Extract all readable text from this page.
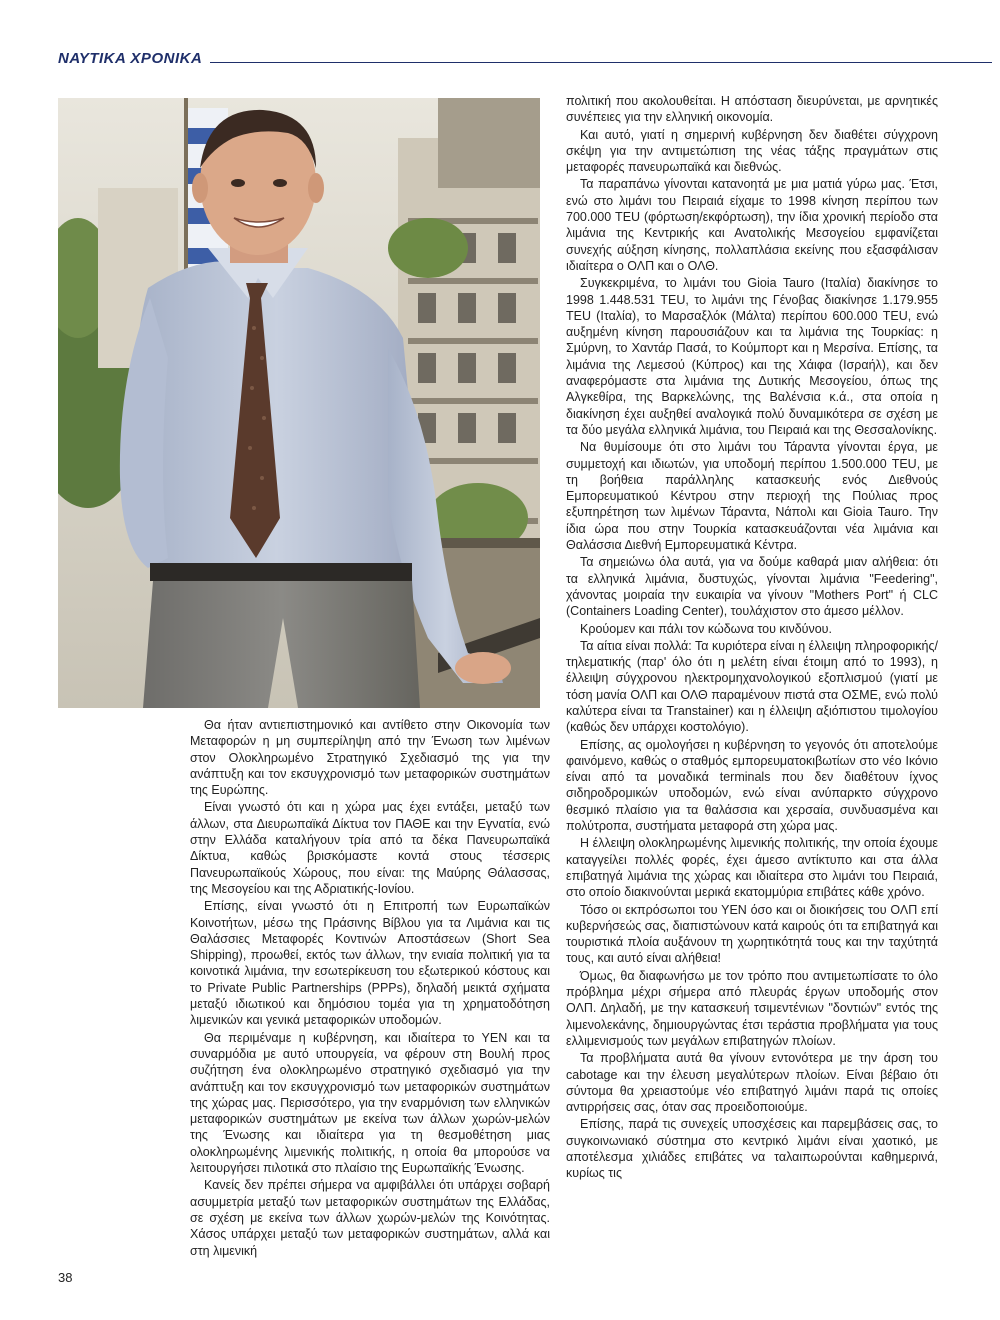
ΝΑΥΤΙΚΑ ΧΡΟΝΙΚΑ

Θα ήταν αντιεπιστημονικό και αντίθετο στην Οικονομία των Μεταφορών η μη συμπερίληψη από την Ένωση των λιμένων στον Ολοκληρωμένο Στρατηγικό Σχεδιασμό της για την ανάπτυξη και τον εκσυγχρονισμό των μεταφορικών συστημάτων της Ευρώπης.

Είναι γνωστό ότι και η χώρα μας έχει εντάξει, μεταξύ των άλλων, στα Διευρωπαϊκά Δίκτυα τον ΠΑΘΕ και την Εγνατία, ενώ στην Ελλάδα καταλήγουν τρία από τα δέκα Πανευρωπαϊκά Δίκτυα, καθώς βρισκόμαστε κοντά στους τέσσερις Πανευρωπαϊκούς Χώρους, που είναι: της Μαύρης Θάλασσας, της Μεσογείου και της Αδριατικής-Ιονίου.

Επίσης, είναι γνωστό ότι η Επιτροπή των Ευρωπαϊκών Κοινοτήτων, μέσω της Πράσινης Βίβλου για τα Λιμάνια και τις Θαλάσσιες Μεταφορές Κοντινών Αποστάσεων (Short Sea Shipping), προωθεί, εκτός των άλλων, την ενιαία πολιτική για τα κοινοτικά λιμάνια, την εσωτερίκευση του εξωτερικού κόστους και το Private Public Partnerships (PPPs), δηλαδή μεικτά σχήματα μεταξύ ιδιωτικού και δημόσιου τομέα για τη χρηματοδότηση λιμενικών και γενικά μεταφορικών υποδομών.

Θα περιμέναμε η κυβέρνηση, και ιδιαίτερα το ΥΕΝ και τα συναρμόδια με αυτό υπουργεία, να φέρουν στη Βουλή προς συζήτηση ένα ολοκληρωμένο στρατηγικό σχεδιασμό για την ανάπτυξη και τον εκσυγχρονισμό των μεταφορικών συστημάτων της χώρας μας. Περισσότερο, για την εναρμόνιση των ελληνικών μεταφορικών συστημάτων με εκείνα των άλλων χωρών-μελών της Ένωσης και ιδιαίτερα για τη θεσμοθέτηση μιας ολοκληρωμένης λιμενικής πολιτικής, η οποία θα μπορούσε να λειτουργήσει πιλοτικά στο πλαίσιο της Ευρωπαϊκής Ένωσης.

Κανείς δεν πρέπει σήμερα να αμφιβάλλει ότι υπάρχει σοβαρή ασυμμετρία μεταξύ των μεταφορικών συστημάτων της Ελλάδας, σε σχέση με εκείνα των άλλων χωρών-μελών της Κοινότητας. Χάσος υπάρχει μεταξύ των μεταφορικών συστημάτων, αλλά και στη λιμενική

πολιτική που ακολουθείται. Η απόσταση διευρύνεται, με αρνητικές συνέπειες για την ελληνική οικονομία.

Και αυτό, γιατί η σημερινή κυβέρνηση δεν διαθέτει σύγχρονη σκέψη για την αντιμετώπιση της νέας τάξης πραγμάτων στις μεταφορές πανευρωπαϊκά και διεθνώς.

Τα παραπάνω γίνονται κατανοητά με μια ματιά γύρω μας. Έτσι, ενώ στο λιμάνι του Πειραιά είχαμε το 1998 κίνηση περίπου των 700.000 TEU (φόρτωση/εκφόρτωση), την ίδια χρονική περίοδο στα λιμάνια της Κεντρικής και Ανατολικής Μεσογείου εμφανίζεται συνεχής αύξηση κίνησης, πολλαπλάσια εκείνης που εξασφάλισαν ιδιαίτερα ο ΟΛΠ και ο ΟΛΘ.

Συγκεκριμένα, το λιμάνι του Gioia Tauro (Ιταλία) διακίνησε το 1998 1.448.531 TEU, το λιμάνι της Γένοβας διακίνησε 1.179.955 TEU (Ιταλία), το Μαρσαξλόκ (Μάλτα) περίπου 600.000 TEU, ενώ αυξημένη κίνηση παρουσιάζουν και τα λιμάνια της Τουρκίας: η Σμύρνη, το Χαντάρ Πασά, το Κούμπορτ και η Μερσίνα. Επίσης, τα λιμάνια της Λεμεσού (Κύπρος) και της Χάιφα (Ισραήλ), και δεν αναφερόμαστε στα λιμάνια της Δυτικής Μεσογείου, όπως της Αλγκεθίρα, της Βαρκελώνης, της Βαλένσια κ.ά., στα οποία η διακίνηση έχει αυξηθεί αναλογικά πολύ δυναμικότερα σε σχέση με τα δύο μεγάλα ελληνικά λιμάνια, του Πειραιά και της Θεσσαλονίκης.

Να θυμίσουμε ότι στο λιμάνι του Τάραντα γίνονται έργα, με συμμετοχή και ιδιωτών, για υποδομή περίπου 1.500.000 TEU, με τη βοήθεια παράλληλης κατασκευής ενός Διεθνούς Εμπορευματικού Κέντρου στην περιοχή της Πούλιας προς εξυπηρέτηση των λιμένων Τάραντα, Νάπολι και Gioia Tauro. Την ίδια ώρα που στην Τουρκία κατασκευάζονται νέα λιμάνια και Θαλάσσια Διεθνή Εμπορευματικά Κέντρα.

Τα σημειώνω όλα αυτά, για να δούμε καθαρά μιαν αλήθεια: ότι τα ελληνικά λιμάνια, δυστυχώς, γίνονται λιμάνια "Feedering", χάνοντας μοιραία την ευκαιρία να γίνουν "Mothers Port" ή CLC (Containers Loading Center), τουλάχιστον στο άμεσο μέλλον.

Κρούομεν και πάλι τον κώδωνα του κινδύνου.

Τα αίτια είναι πολλά: Τα κυριότερα είναι η έλλειψη πληροφορικής/τηλεματικής (παρ' όλο ότι η μελέτη είναι έτοιμη από το 1993), η έλλειψη σύγχρονου ηλεκτρομηχανολογικού εξοπλισμού (γιατί με τόση μανία ΟΛΠ και ΟΛΘ παραμένουν πιστά στα ΟΣΜΕ, ενώ πολύ καλύτερα είναι τα Transtainer) και η έλλειψη αξιόπιστου τιμολογίου (καθώς δεν υπάρχει κοστολόγιο).

Επίσης, ας ομολογήσει η κυβέρνηση το γεγονός ότι αποτελούμε φαινόμενο, καθώς ο σταθμός εμπορευματοκιβωτίων στο νέο Ικόνιο είναι από τα μοναδικά terminals που δεν διαθέτουν ίχνος σιδηροδρομικών υποδομών, ενώ είναι ανύπαρκτο σύγχρονο θεσμικό πλαίσιο για τα θαλάσσια και χερσαία, συνδυασμένα και πολύτροπα, συστήματα μεταφορά στη χώρα μας.

Η έλλειψη ολοκληρωμένης λιμενικής πολιτικής, την οποία έχουμε καταγγείλει πολλές φορές, έχει άμεσο αντίκτυπο και στα άλλα επιβατηγά λιμάνια της χώρας και ιδιαίτερα στο λιμάνι του Πειραιά, στο οποίο διακινούνται μερικά εκατομμύρια επιβάτες κάθε χρόνο.

Τόσο οι εκπρόσωποι του ΥΕΝ όσο και οι διοικήσεις του ΟΛΠ επί κυβερνήσεώς σας, διαπιστώνουν κατά καιρούς ότι τα επιβατηγά και τουριστικά πλοία αυξάνουν τη χωρητικότητά τους και την ταχύτητά τους, και αυτό είναι αλήθεια!

Όμως, θα διαφωνήσω με τον τρόπο που αντιμετωπίσατε το όλο πρόβλημα μέχρι σήμερα από πλευράς έργων υποδομής στον ΟΛΠ. Δηλαδή, με την κατασκευή τσιμεντένιων "δοντιών" εντός της λιμενολεκάνης, δημιουργώντας έτσι τεράστια προβλήματα για τους ελλιμενισμούς των μεγάλων επιβατηγών πλοίων.

Τα προβλήματα αυτά θα γίνουν εντονότερα με την άρση του cabotage και την έλευση μεγαλύτερων πλοίων. Είναι βέβαιο ότι σύντομα θα χρειαστούμε νέο επιβατηγό λιμάνι παρά τις οποίες αντιρρήσεις σας, όταν σας προειδοποιούμε.

Επίσης, παρά τις συνεχείς υποσχέσεις και παρεμβάσεις σας, το συγκοινωνιακό σύστημα στο κεντρικό λιμάνι είναι χαοτικό, με αποτέλεσμα χιλιάδες επιβάτες να ταλαιπωρούνται καθημερινά, κυρίως τις

38
